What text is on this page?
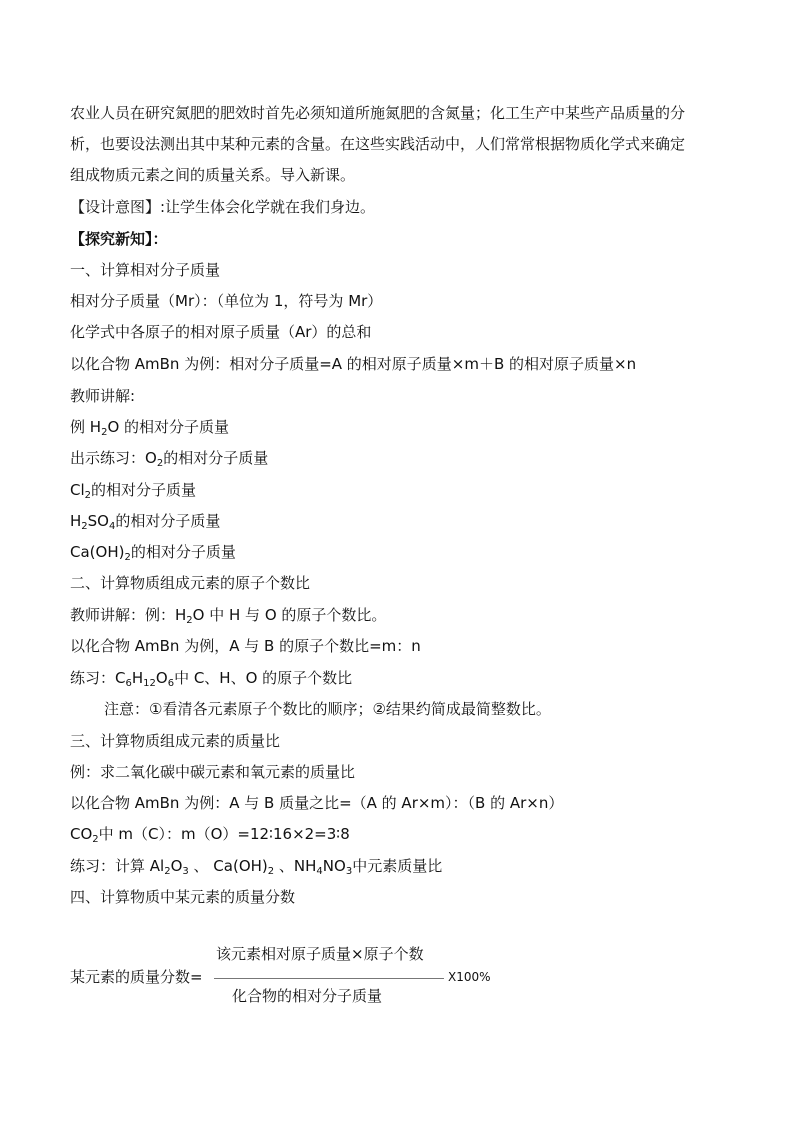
农业人员在研究氮肥的肥效时首先必须知道所施氮肥的含氮量；化工生产中某些产品质量的分
析，也要设法测出其中某种元素的含量。在这些实践活动中，人们常常根据物质化学式来确定
组成物质元素之间的质量关系。导入新课。
【设计意图】:让学生体会化学就在我们身边。
【探究新知】：
一、计算相对分子质量
相对分子质量（Mr）：（单位为 1，符号为 Mr）
化学式中各原子的相对原子质量（Ar）的总和
以化合物 AmBn 为例：相对分子质量=A 的相对原子质量×m＋B 的相对原子质量×n
教师讲解:
例 $H_2O$ 的相对分子质量
出示练习：$O_2$的相对分子质量
$Cl_2$的相对分子质量
$H_2SO_4$的相对分子质量
$Ca(OH)_2$的相对分子质量
二、计算物质组成元素的原子个数比
教师讲解：例：$H_2O$ 中 H 与 O 的原子个数比。
以化合物 AmBn 为例，A 与 B 的原子个数比=m：n
练习：$C_6H_{12}O_6$中 C、H、O 的原子个数比
注意：①看清各元素原子个数比的顺序；②结果约简成最简整数比。
三、计算物质组成元素的质量比
例：求二氧化碳中碳元素和氧元素的质量比
以化合物 AmBn 为例：A 与 B 质量之比=（A 的 Ar×m）：（B 的 Ar×n）
$CO_2$中 m（C）：m（O）=12∶16×2=3∶8
练习：计算 $Al_2O_3$ 、 $Ca(OH)_2$ 、$NH_4NO_3$中元素质量比
四、计算物质中某元素的质量分数
某元素的质量分数=
该元素相对原子质量×原子个数
化合物的相对分子质量
X100%
